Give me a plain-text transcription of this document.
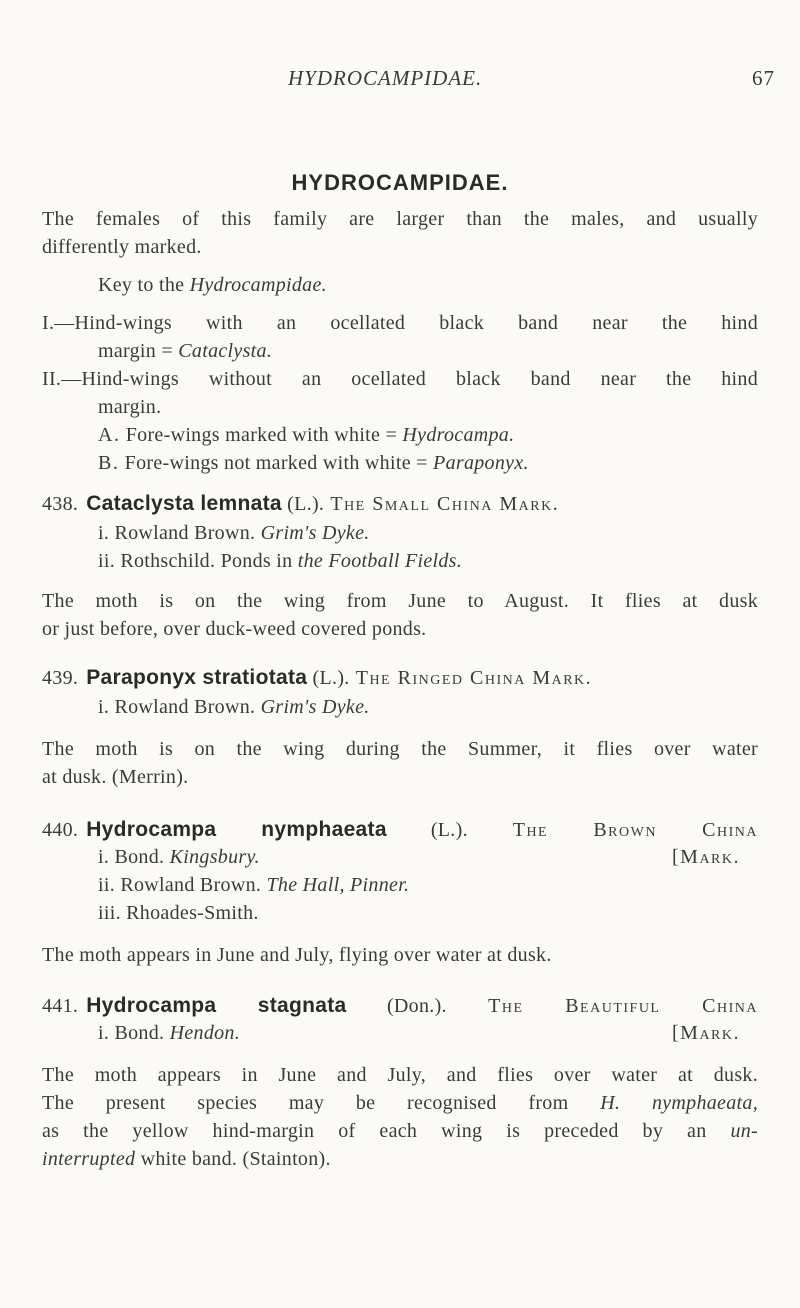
HYDROCAMPIDAE.	67
HYDROCAMPIDAE.
The females of this family are larger than the males, and usually
differently marked.
Key to the Hydrocampidae.
I.—Hind-wings with an ocellated black band near the hind
margin = Cataclysta.
II.—Hind-wings without an ocellated black band near the hind
margin.
A. Fore-wings marked with white = Hydrocampa.
B. Fore-wings not marked with white = Paraponyx.
438. Cataclysta lemnata (L.). The Small China Mark.
i. Rowland Brown. Grim's Dyke.
ii. Rothschild. Ponds in the Football Fields.
The moth is on the wing from June to August. It flies at dusk
or just before, over duck-weed covered ponds.
439. Paraponyx stratiotata (L.). The Ringed China Mark.
i. Rowland Brown. Grim's Dyke.
The moth is on the wing during the Summer, it flies over water
at dusk. (Merrin).
440. Hydrocampa nymphaeata (L.). The Brown China
i. Bond. Kingsbury.	[Mark.
ii. Rowland Brown. The Hall, Pinner.
iii. Rhoades-Smith.
The moth appears in June and July, flying over water at dusk.
441. Hydrocampa stagnata (Don.). The Beautiful China
i. Bond. Hendon.	[Mark.
The moth appears in June and July, and flies over water at dusk.
The present species may be recognised from H. nymphaeata,
as the yellow hind-margin of each wing is preceded by an un-
interrupted white band. (Stainton).
